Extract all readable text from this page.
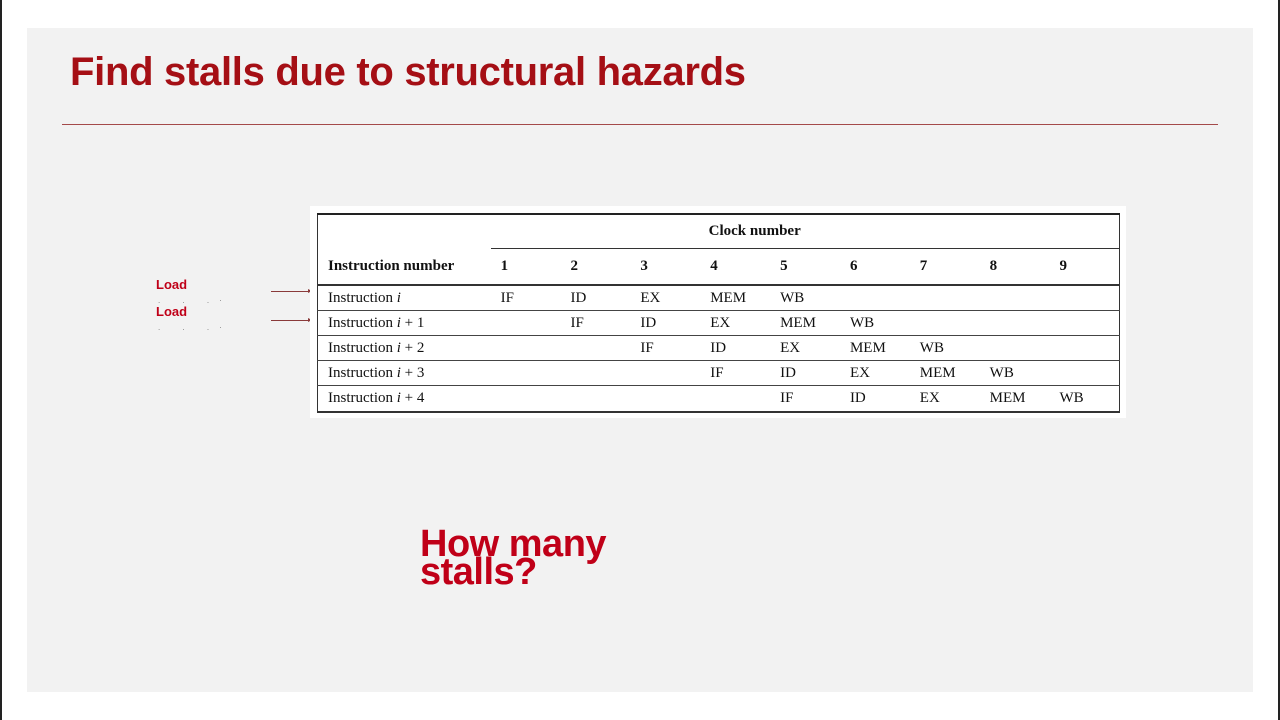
Find stalls due to structural hazards
Load
. . .·
Load
. . .·
	Clock number								
Instruction number	1	2	3	4	5	6	7	8	9
Instruction i	IF	ID	EX	MEM	WB				
Instruction i + 1		IF	ID	EX	MEM	WB			
Instruction i + 2			IF	ID	EX	MEM	WB		
Instruction i + 3				IF	ID	EX	MEM	WB	
Instruction i + 4					IF	ID	EX	MEM	WB
How many stalls?
